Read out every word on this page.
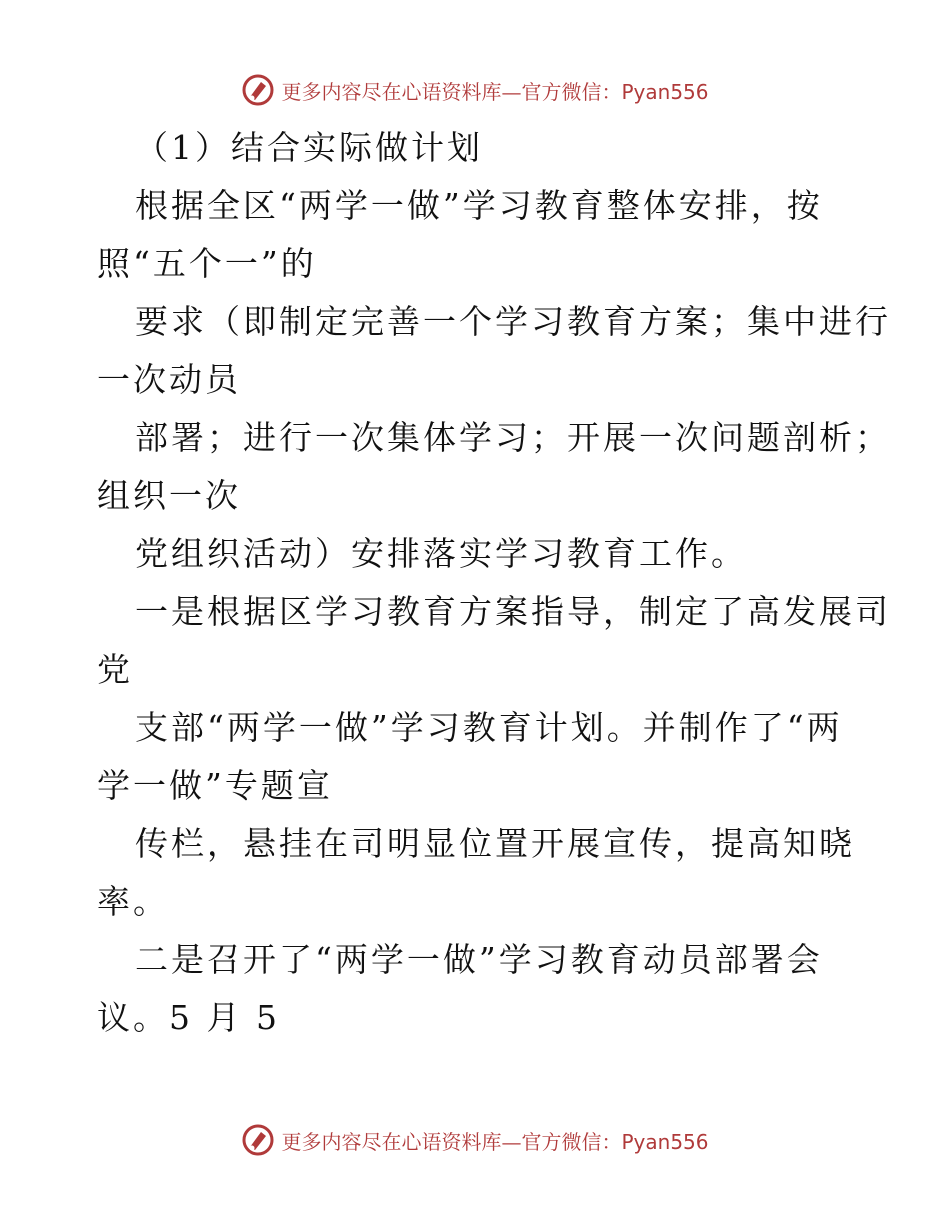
更多内容尽在心语资料库—官方微信：Pyan556
（1）结合实际做计划
根据全区“两学一做”学习教育整体安排，按
照“五个一”的
要求（即制定完善一个学习教育方案；集中进行
一次动员
部署；进行一次集体学习；开展一次问题剖析；
组织一次
党组织活动）安排落实学习教育工作。
一是根据区学习教育方案指导，制定了高发展司
党
支部“两学一做”学习教育计划。并制作了“两
学一做”专题宣
传栏，悬挂在司明显位置开展宣传，提高知晓
率。
二是召开了“两学一做”学习教育动员部署会
议。5 月 5
更多内容尽在心语资料库—官方微信：Pyan556
